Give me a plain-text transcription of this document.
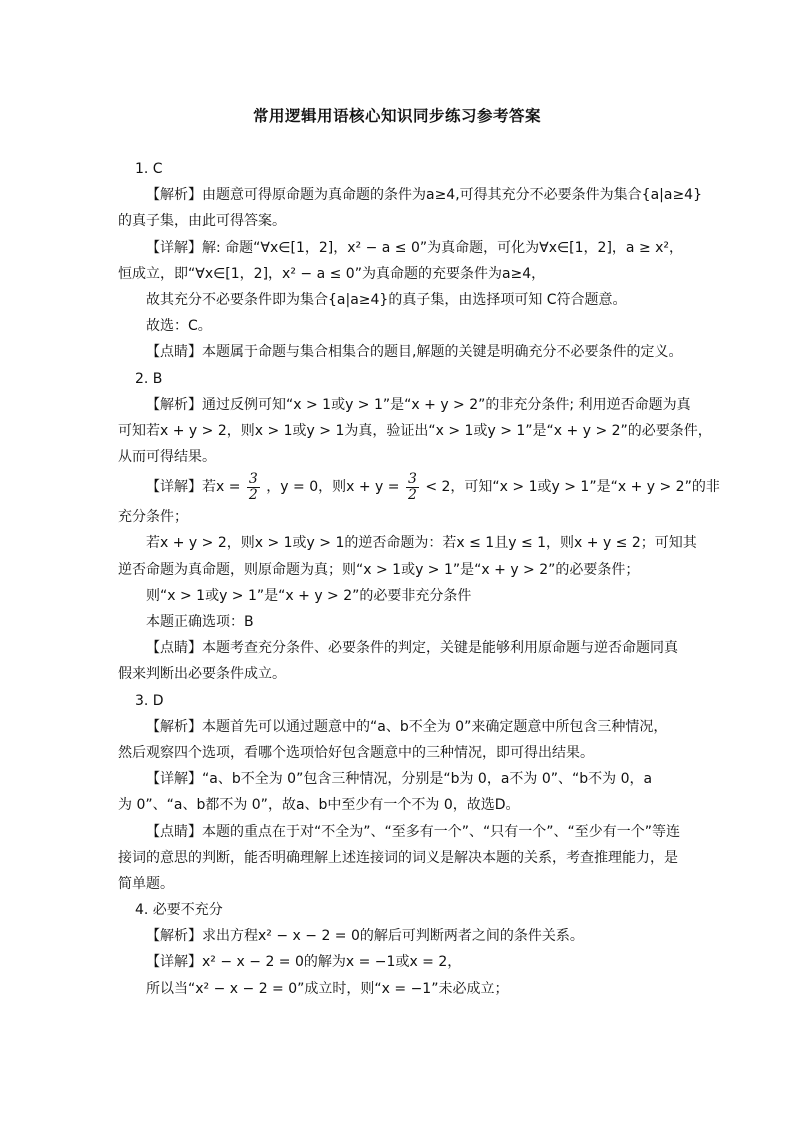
常用逻辑用语核心知识同步练习参考答案
1. C
【解析】由题意可得原命题为真命题的条件为a≥4,可得其充分不必要条件为集合{a|a≥4}
的真子集，由此可得答案。
【详解】解: 命题“∀x∈[1，2]，x² − a ≤ 0”为真命题，可化为∀x∈[1，2]，a ≥ x²，
恒成立，即“∀x∈[1，2]，x² − a ≤ 0”为真命题的充要条件为a≥4，
故其充分不必要条件即为集合{a|a≥4}的真子集，由选择项可知 C符合题意。
故选：C。
【点睛】本题属于命题与集合相集合的题目,解题的关键是明确充分不必要条件的定义。
2. B
【解析】通过反例可知“x > 1或y > 1”是“x + y > 2”的非充分条件; 利用逆否命题为真
可知若x + y > 2，则x > 1或y > 1为真，验证出“x > 1或y > 1”是“x + y > 2”的必要条件，
从而可得结果。
【详解】若$x = \frac{3}{2}$ ，y = 0，则$x + y = \frac{3}{2} < 2$，可知“x > 1或y > 1”是“x + y > 2”的非
充分条件；
若x + y > 2，则x > 1或y > 1的逆否命题为：若x ≤ 1且y ≤ 1，则x + y ≤ 2；可知其
逆否命题为真命题，则原命题为真；则“x > 1或y > 1”是“x + y > 2”的必要条件；
则“x > 1或y > 1”是“x + y > 2”的必要非充分条件
本题正确选项：B
【点睛】本题考查充分条件、必要条件的判定，关键是能够利用原命题与逆否命题同真
假来判断出必要条件成立。
3. D
【解析】本题首先可以通过题意中的“a、b不全为 0”来确定题意中所包含三种情况，
然后观察四个选项，看哪个选项恰好包含题意中的三种情况，即可得出结果。
【详解】“a、b不全为 0”包含三种情况，分别是“b为 0，a不为 0”、“b不为 0，a
为 0”、“a、b都不为 0”，故a、b中至少有一个不为 0，故选D。
【点睛】本题的重点在于对“不全为”、“至多有一个”、“只有一个”、“至少有一个”等连
接词的意思的判断，能否明确理解上述连接词的词义是解决本题的关系，考查推理能力，是
简单题。
4. 必要不充分
【解析】求出方程x² − x − 2 = 0的解后可判断两者之间的条件关系。
【详解】x² − x − 2 = 0的解为x = −1或x = 2，
所以当“x² − x − 2 = 0”成立时，则“x = −1”未必成立；
